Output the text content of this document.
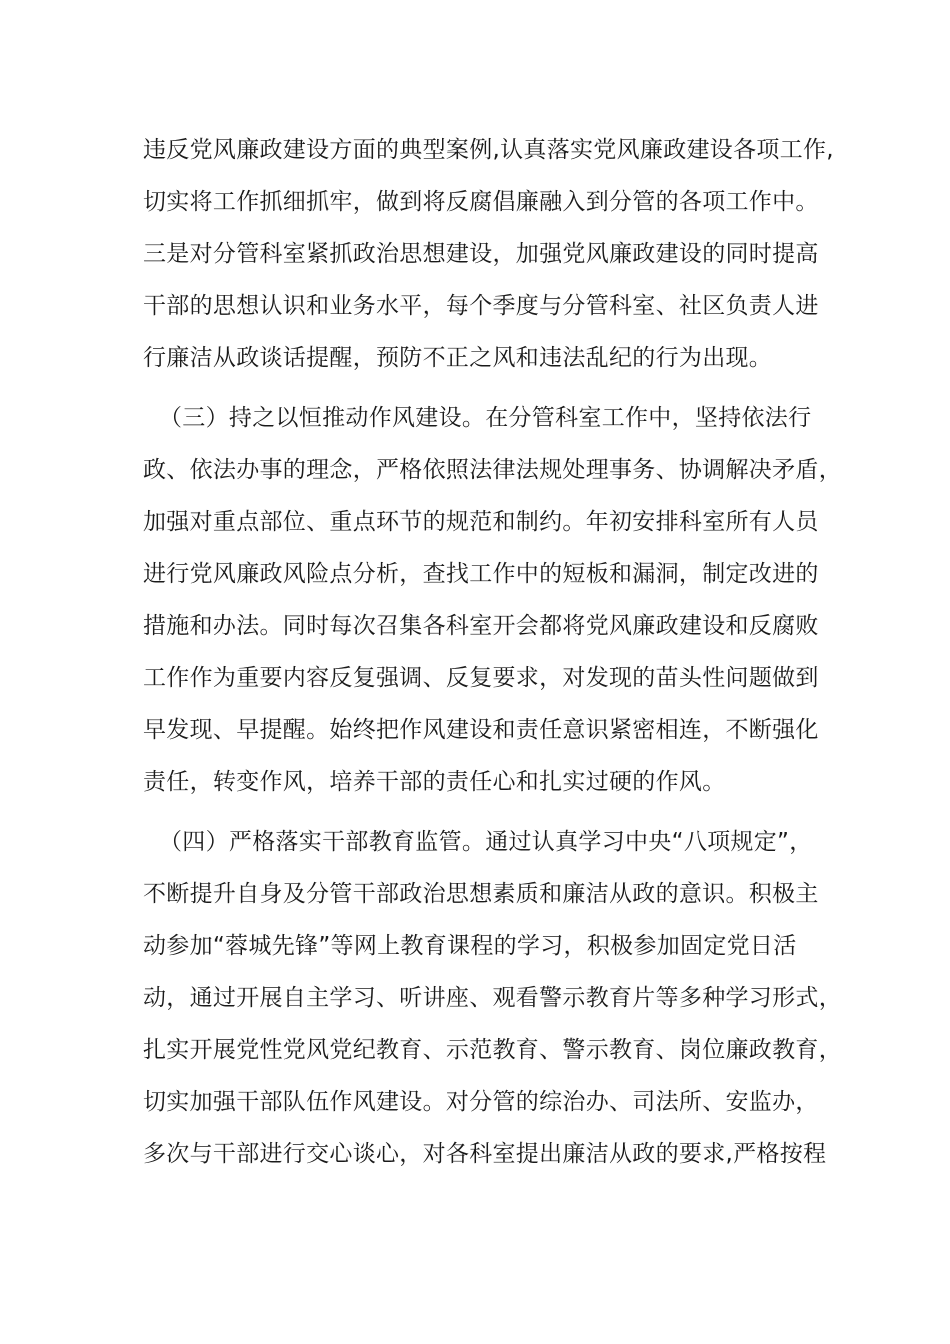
违反党风廉政建设方面的典型案例,认真落实党风廉政建设各项工作,
切实将工作抓细抓牢，做到将反腐倡廉融入到分管的各项工作中。
三是对分管科室紧抓政治思想建设，加强党风廉政建设的同时提高
干部的思想认识和业务水平，每个季度与分管科室、社区负责人进
行廉洁从政谈话提醒，预防不正之风和违法乱纪的行为出现。
（三）持之以恒推动作风建设。在分管科室工作中，坚持依法行
政、依法办事的理念，严格依照法律法规处理事务、协调解决矛盾，
加强对重点部位、重点环节的规范和制约。年初安排科室所有人员
进行党风廉政风险点分析，查找工作中的短板和漏洞，制定改进的
措施和办法。同时每次召集各科室开会都将党风廉政建设和反腐败
工作作为重要内容反复强调、反复要求，对发现的苗头性问题做到
早发现、早提醒。始终把作风建设和责任意识紧密相连，不断强化
责任，转变作风，培养干部的责任心和扎实过硬的作风。
（四）严格落实干部教育监管。通过认真学习中央“八项规定”，
不断提升自身及分管干部政治思想素质和廉洁从政的意识。积极主
动参加“蓉城先锋”等网上教育课程的学习，积极参加固定党日活
动，通过开展自主学习、听讲座、观看警示教育片等多种学习形式，
扎实开展党性党风党纪教育、示范教育、警示教育、岗位廉政教育，
切实加强干部队伍作风建设。对分管的综治办、司法所、安监办，
多次与干部进行交心谈心，对各科室提出廉洁从政的要求,严格按程
